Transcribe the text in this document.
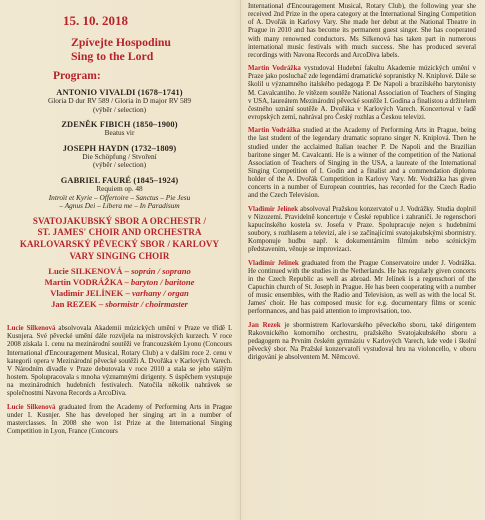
15. 10. 2018
Zpívejte Hospodinu
Sing to the Lord
Program:
ANTONIO VIVALDI (1678–1741)
Gloria D dur RV 589 / Gloria in D major RV 589
(výběr / selection)
ZDENĚK FIBICH (1850–1900)
Beatus vir
JOSEPH HAYDN (1732–1809)
Die Schöpfung / Stvoření
(výběr / selection)
GABRIEL FAURÉ (1845–1924)
Requiem op. 48
Introït et Kyrie – Offertoire – Sanctus – Pie Jesu
– Agnus Dei – Libera me – In Paradisum
SVATOJAKUBSKÝ SBOR A ORCHESTR /
ST. JAMES' CHOIR AND ORCHESTRA
KARLOVARSKÝ PĚVECKÝ SBOR / KARLOVY
VARY SINGING CHOIR
Lucie SILKENOVÁ – soprán / soprano
Martin VODRÁŽKA – baryton / baritone
Vladimír JELÍNEK – varhany / organ
Jan REZEK – sbormistr / choirmaster

Lucie Silkenová absolvovala Akademii múzických umění v Praze ve třídě I. Kusnjera. Své pěvecké umění dále rozvíjela na mistrovských kurzech. V roce 2008 získala 1. cenu na mezinárodní soutěži ve francouzském Lyonu (Concours International d'Encouragement Musical, Rotary Club) a v dalším roce 2. cenu v kategorii opera v Mezinárodní pěvecké soutěži A. Dvořáka v Karlových Varech. V Národním divadle v Praze debutovala v roce 2010 a stala se jeho stálým hostem. Spolupracovala s mnoha významnými dirigenty. S úspěchem vystupuje na mezinárodních hudebních festivalech. Natočila několik nahrávek se společnostmi Navona Records a ArcoDiva.

Lucie Silkenová graduated from the Academy of Performing Arts in Prague under I. Kusnjer. She has developed her singing art in a number of masterclasses. In 2008 she won 1st Prize at the International Singing Competition in Lyon, France (Concours

International d'Encouragement Musical, Rotary Club), the following year she received 2nd Prize in the opera category at the International Singing Competition of A. Dvořák in Karlovy Vary. She made her debut at the National Theatre in Prague in 2010 and has become its permanent guest singer. She has cooperated with many renowned conductors. Ms Silkenová has taken part in numerous international music festivals with much success. She has produced several recordings with Navona Records and ArcoDiva labels.

Martin Vodrážka vystudoval Hudební fakultu Akademie múzických umění v Praze jako posluchač zde legendární dramatické sopranistky N. Kniplové. Dále se školil u významného italského pedagoga P. De Napoli a brazilského barytonisty M. Cavalcantiho. Je vítězem soutěže National Association of Teachers of Singing v USA, laureátem Mezinárodní pěvecké soutěže I. Godina a finalistou a držitelem čestného uznání soutěže A. Dvořáka v Karlových Varech. Koncertoval v řadě evropských zemí, nahrával pro Český rozhlas a Českou televizi.

Martin Vodrážka studied at the Academy of Performing Arts in Prague, being the last student of the legendary dramatic soprano singer N. Kniplová. Then he studied under the acclaimed Italian teacher P. De Napoli and the Brazilian baritone singer M. Cavalcanti. He is a winner of the competition of the National Association of Teachers of Singing in the USA, a laureate of the International Singing Competition of I. Godin and a finalist and a commendation diploma holder of the A. Dvořák Competition in Karlovy Vary. Mr. Vodrážka has given concerts in a number of European countries, has recorded for the Czech Radio and the Czech Television.

Vladimír Jelínek absolvoval Pražskou konzervatoř u J. Vodrážky. Studia doplnil v Nizozemí. Pravidelně koncertuje v České republice i zahraničí. Je regenschori kapucínského kostela sv. Josefa v Praze. Spolupracuje nejen s hudebními soubory, s rozhlasem a televizí, ale i se začínajícími svatojakubskými sbormistry. Komponuje hudbu např. k dokumentárním filmům nebo scénickým představením, věnuje se improvizaci.

Vladimír Jelínek graduated from the Prague Conservatoire under J. Vodrážka. He continued with the studies in the Netherlands. He has regularly given concerts in the Czech Republic as well as abroad. Mr Jelínek is a regenschori of the Capuchin church of St. Joseph in Prague. He has been cooperating with a number of music ensembles, with the Radio and Television, as well as with the local St. James' choir. He has composed music for e.g. documentary films or scenic performances, and has paid attention to improvisation, too.

Jan Rezek je sbormistrem Karlovarského pěveckého sboru, také dirigentem Rakovnického komorního orchestru, pražského Svatojakubského sboru a pedagogem na Prvním českém gymnáziu v Karlových Varech, kde vede i školní pěvecký sbor. Na Pražské konzervatoři vystudoval hru na violoncello, v oboru dirigování je absolventem M. Němcové.
